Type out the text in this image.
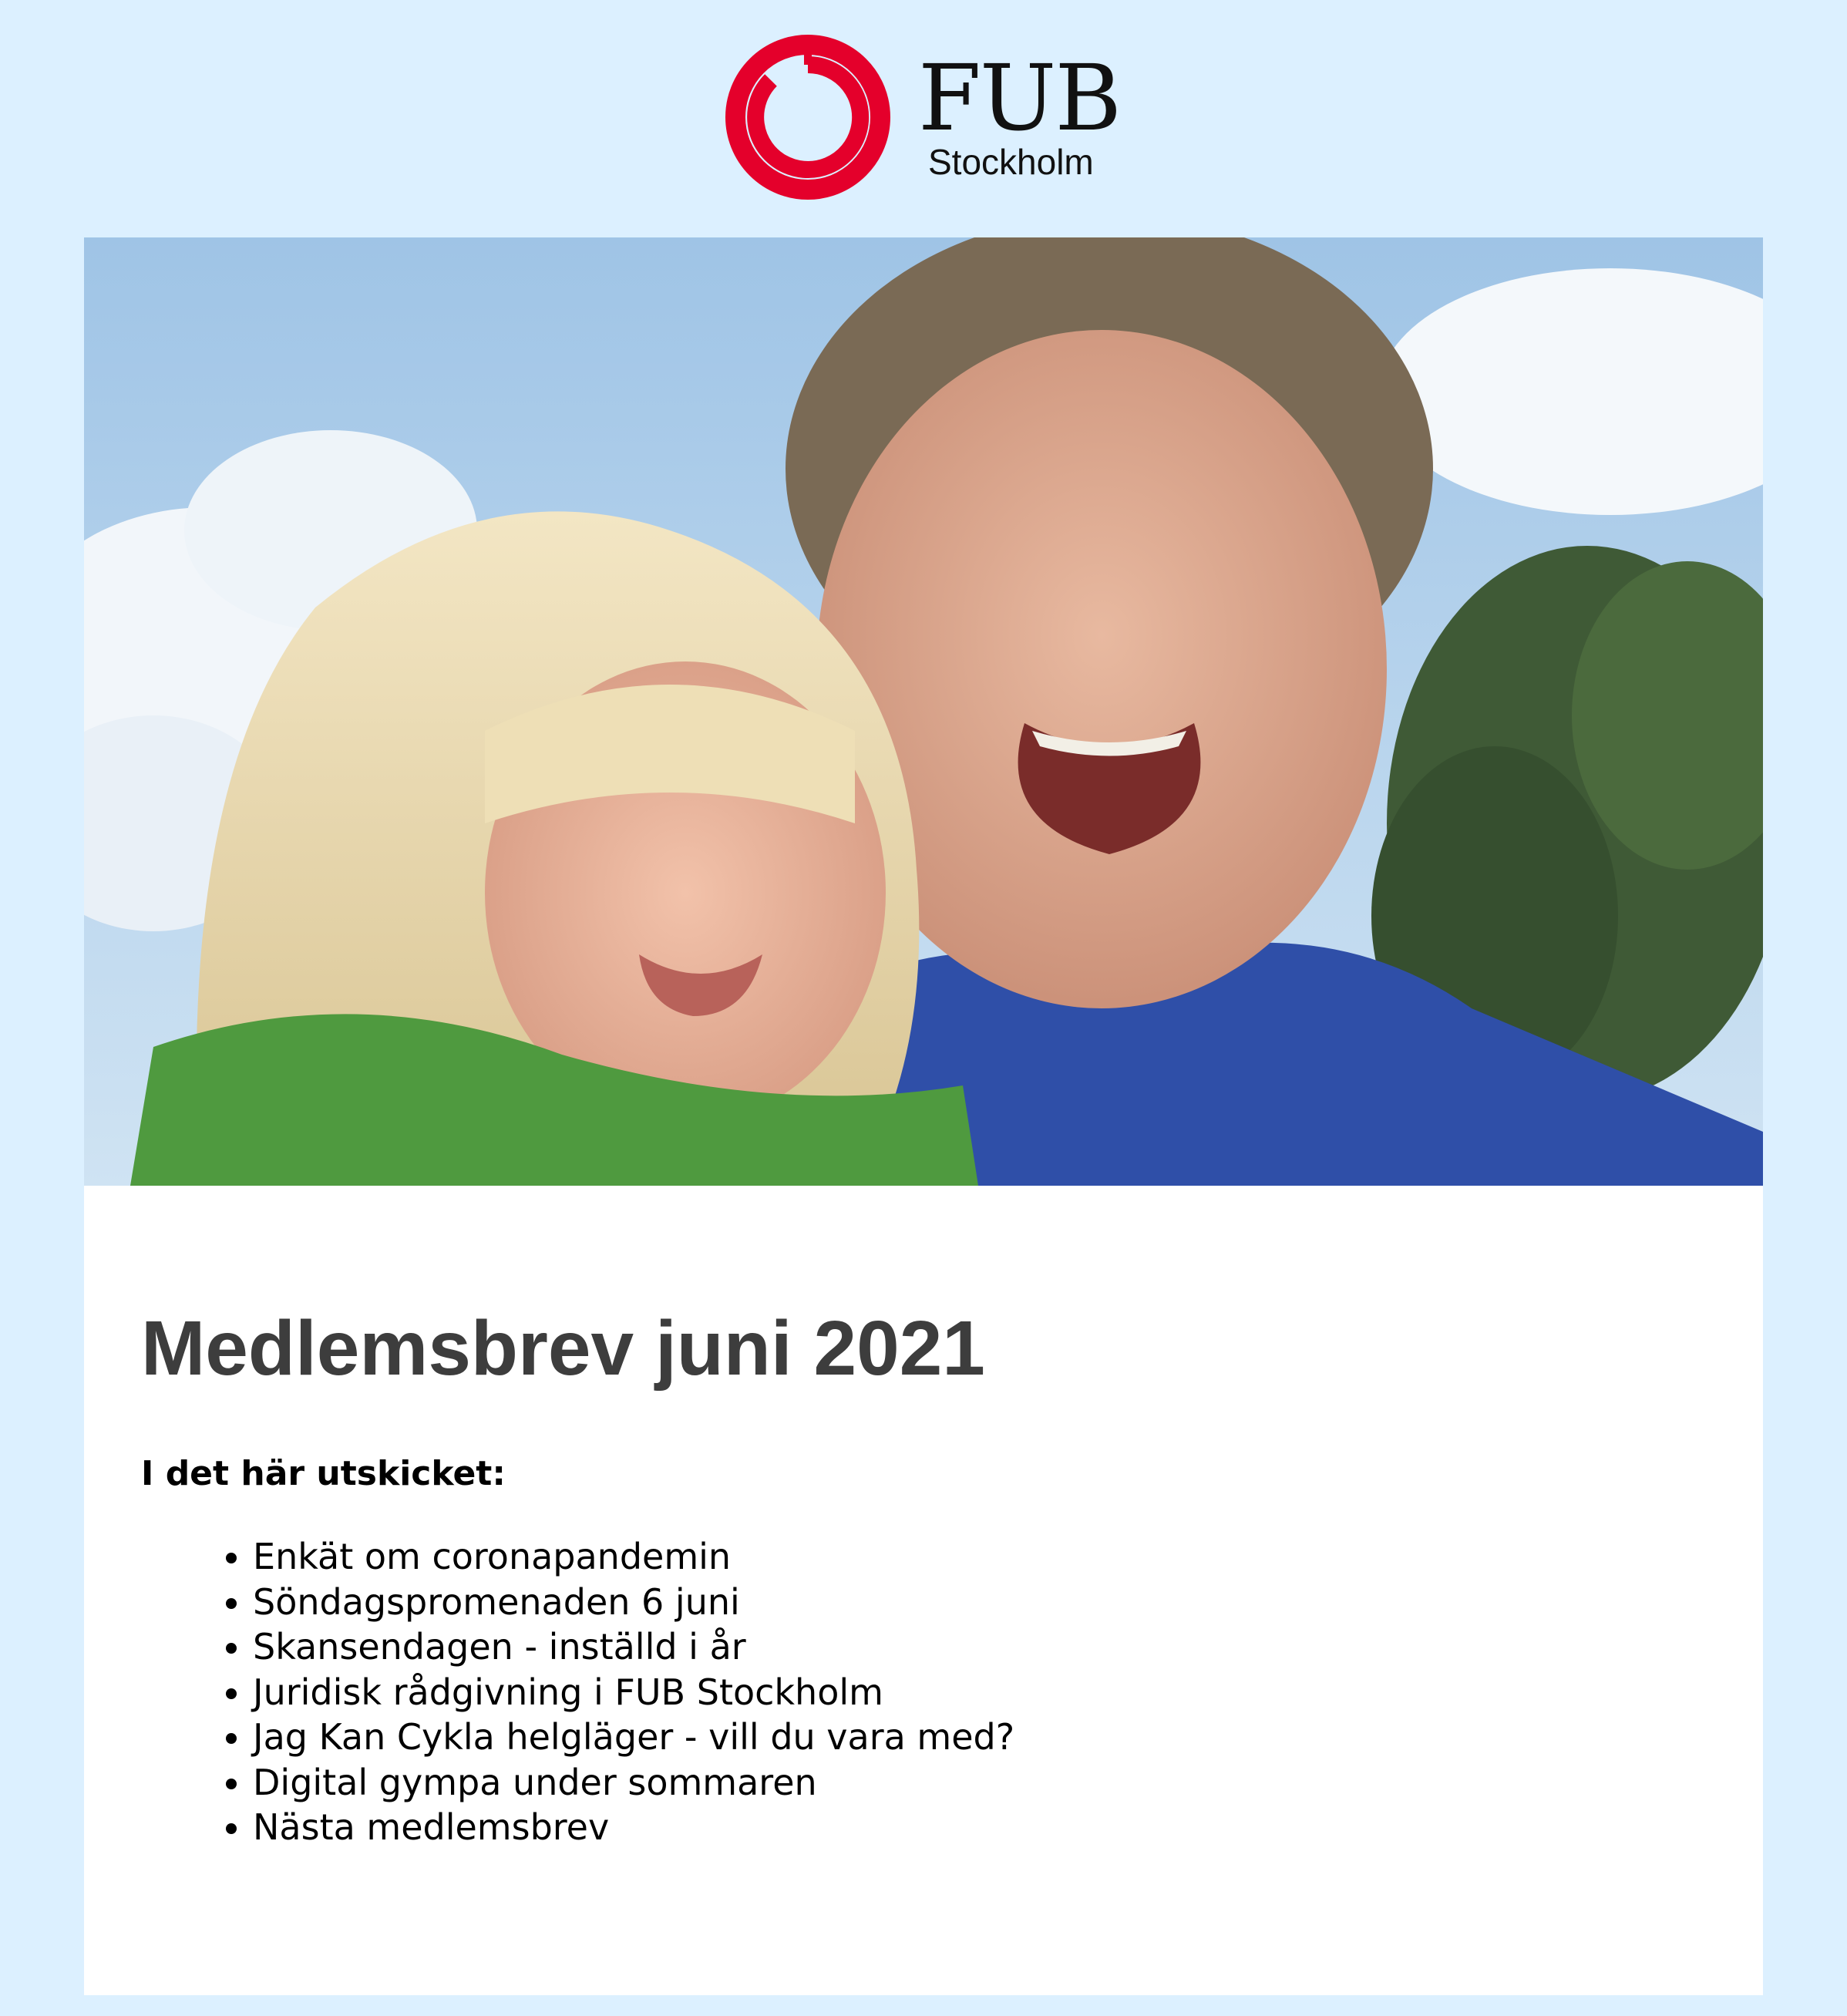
FUB
Stockholm
Medlemsbrev juni 2021
I det här utskicket:
• Enkät om coronapandemin
• Söndagspromenaden 6 juni
• Skansendagen - inställd i år
• Juridisk rådgivning i FUB Stockholm
• Jag Kan Cykla helgläger - vill du vara med?
• Digital gympa under sommaren
• Nästa medlemsbrev
